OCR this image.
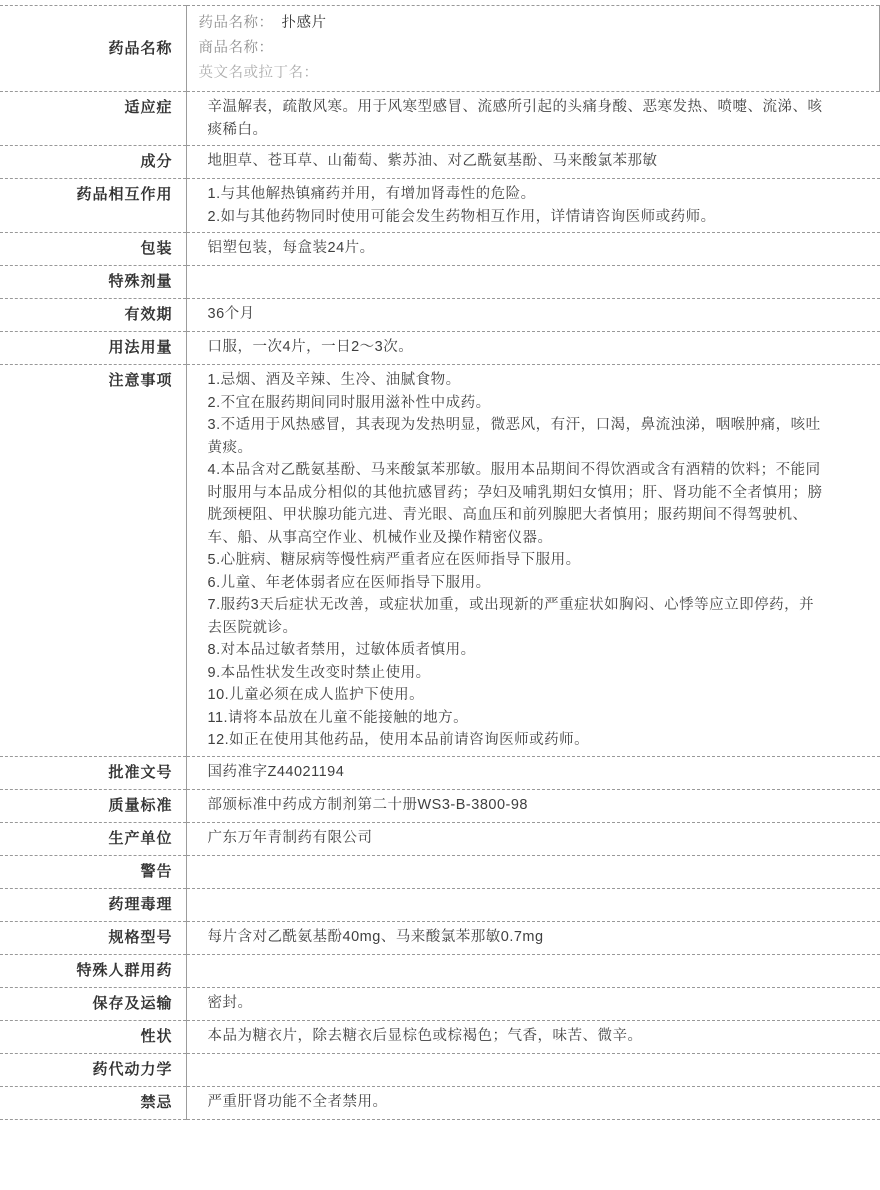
药品名称	药品名称： 扑感片
商品名称：
英文名或拉丁名：

适应症	辛温解表，疏散风寒。用于风寒型感冒、流感所引起的头痛身酸、恶寒发热、喷嚏、流涕、咳痰稀白。
成分	地胆草、苍耳草、山葡萄、紫苏油、对乙酰氨基酚、马来酸氯苯那敏
药品相互作用	1.与其他解热镇痛药并用，有增加肾毒性的危险。
2.如与其他药物同时使用可能会发生药物相互作用，详情请咨询医师或药师。

包装	铝塑包装，每盒装24片。
特殊剂量	
有效期	36个月
用法用量	口服，一次4片，一日2～3次。
注意事项	1.忌烟、酒及辛辣、生冷、油腻食物。
2.不宜在服药期间同时服用滋补性中成药。
3.不适用于风热感冒，其表现为发热明显，微恶风，有汗，口渴，鼻流浊涕，咽喉肿痛，咳吐黄痰。
4.本品含对乙酰氨基酚、马来酸氯苯那敏。服用本品期间不得饮酒或含有酒精的饮料；不能同时服用与本品成分相似的其他抗感冒药；孕妇及哺乳期妇女慎用；肝、肾功能不全者慎用；膀胱颈梗阻、甲状腺功能亢进、青光眼、高血压和前列腺肥大者慎用；服药期间不得驾驶机、车、船、从事高空作业、机械作业及操作精密仪器。
5.心脏病、糖尿病等慢性病严重者应在医师指导下服用。
6.儿童、年老体弱者应在医师指导下服用。
7.服药3天后症状无改善，或症状加重，或出现新的严重症状如胸闷、心悸等应立即停药，并去医院就诊。
8.对本品过敏者禁用，过敏体质者慎用。
9.本品性状发生改变时禁止使用。
10.儿童必须在成人监护下使用。
11.请将本品放在儿童不能接触的地方。
12.如正在使用其他药品，使用本品前请咨询医师或药师。

批准文号	国药准字Z44021194
质量标准	部颁标准中药成方制剂第二十册WS3-B-3800-98
生产单位	广东万年青制药有限公司
警告	
药理毒理	
规格型号	每片含对乙酰氨基酚40mg、马来酸氯苯那敏0.7mg
特殊人群用药	
保存及运输	密封。
性状	本品为糖衣片，除去糖衣后显棕色或棕褐色；气香，味苦、微辛。
药代动力学	
禁忌	严重肝肾功能不全者禁用。
